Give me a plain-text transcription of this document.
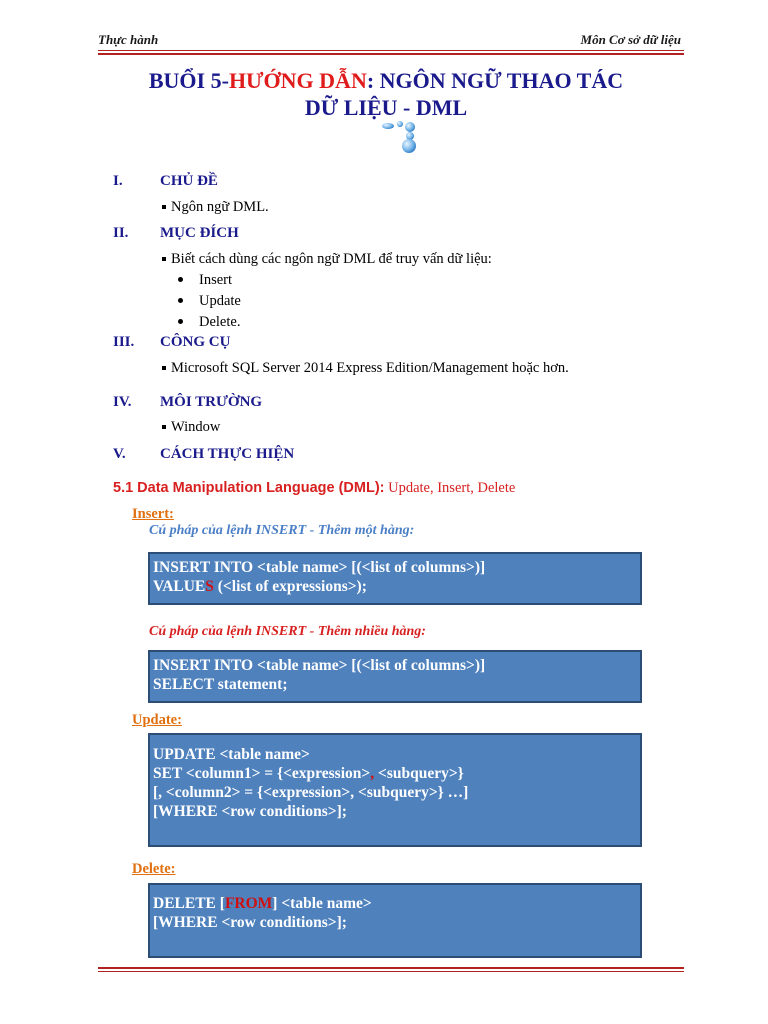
Thực hành	Môn Cơ sở dữ liệu
BUỔI 5-HƯỚNG DẪN: NGÔN NGỮ THAO TÁC
DỮ LIỆU - DML
I. CHỦ ĐỀ
Ngôn ngữ DML.
II. MỤC ĐÍCH
Biết cách dùng các ngôn ngữ DML để truy vấn dữ liệu:
Insert
Update
Delete.
III. CÔNG CỤ
Microsoft SQL Server 2014 Express Edition/Management hoặc hơn.
IV. MÔI TRƯỜNG
Window
V. CÁCH THỰC HIỆN
5.1 Data Manipulation Language (DML): Update, Insert, Delete
Insert:
Cú pháp của lệnh INSERT - Thêm một hàng:
INSERT INTO <table name> [(<list of columns>)]
VALUES (<list of expressions>);
Cú pháp của lệnh INSERT - Thêm nhiều hàng:
INSERT INTO <table name> [(<list of columns>)]
SELECT statement;
Update:
UPDATE <table name>
SET <column1> = {<expression>, <subquery>}
[, <column2> = {<expression>, <subquery>} …]
[WHERE <row conditions>];
Delete:
DELETE [FROM] <table name>
[WHERE <row conditions>];
